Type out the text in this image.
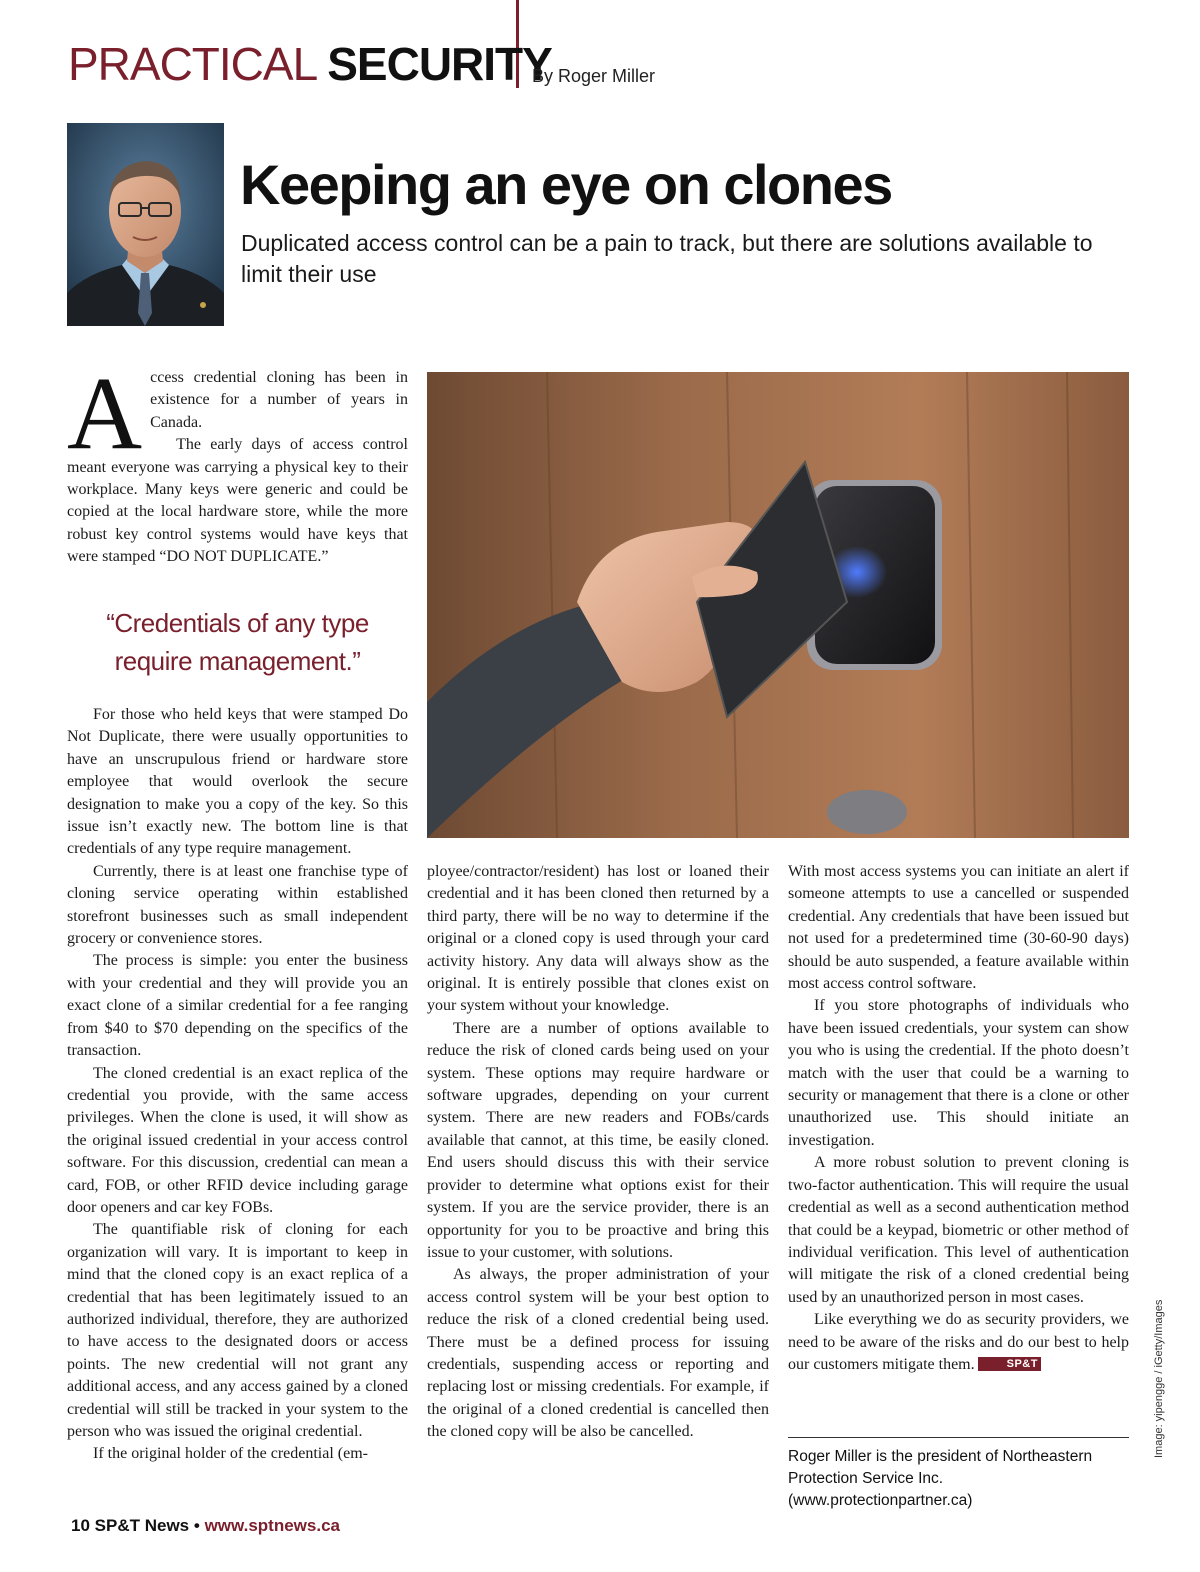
PRACTICAL SECURITY
By Roger Miller
Keeping an eye on clones
Duplicated access control can be a pain to track, but there are solutions available to limit their use

Access credential cloning has been in existence for a number of years in Canada.

The early days of access control meant everyone was carrying a physical key to their workplace. Many keys were generic and could be copied at the local hardware store, while the more robust key control systems would have keys that were stamped “DO NOT DUPLICATE.”

“Credentials of any type require management.”

For those who held keys that were stamped Do Not Duplicate, there were usually opportunities to have an unscrupulous friend or hardware store employee that would overlook the secure designation to make you a copy of the key. So this issue isn’t exactly new. The bottom line is that credentials of any type require management.

Currently, there is at least one franchise type of cloning service operating within established storefront businesses such as small independent grocery or convenience stores.

The process is simple: you enter the business with your credential and they will provide you an exact clone of a similar credential for a fee ranging from $40 to $70 depending on the specifics of the transaction.

The cloned credential is an exact replica of the credential you provide, with the same access privileges. When the clone is used, it will show as the original issued credential in your access control software. For this discussion, credential can mean a card, FOB, or other RFID device including garage door openers and car key FOBs.

The quantifiable risk of cloning for each organization will vary. It is important to keep in mind that the cloned copy is an exact replica of a credential that has been legitimately issued to an authorized individual, therefore, they are authorized to have access to the designated doors or access points. The new credential will not grant any additional access, and any access gained by a cloned credential will still be tracked in your system to the person who was issued the original credential.

If the original holder of the credential (em-

ployee/contractor/resident) has lost or loaned their credential and it has been cloned then returned by a third party, there will be no way to determine if the original or a cloned copy is used through your card activity history. Any data will always show as the original. It is entirely possible that clones exist on your system without your knowledge.

There are a number of options available to reduce the risk of cloned cards being used on your system. These options may require hardware or software upgrades, depending on your current system. There are new readers and FOBs/cards available that cannot, at this time, be easily cloned. End users should discuss this with their service provider to determine what options exist for their system. If you are the service provider, there is an opportunity for you to be proactive and bring this issue to your customer, with solutions.

As always, the proper administration of your access control system will be your best option to reduce the risk of a cloned credential being used. There must be a defined process for issuing credentials, suspending access or reporting and replacing lost or missing credentials. For example, if the original of a cloned credential is cancelled then the cloned copy will be also be cancelled.

With most access systems you can initiate an alert if someone attempts to use a cancelled or suspended credential. Any credentials that have been issued but not used for a predetermined time (30-60-90 days) should be auto suspended, a feature available within most access control software.

If you store photographs of individuals who have been issued credentials, your system can show you who is using the credential. If the photo doesn’t match with the user that could be a warning to security or management that there is a clone or other unauthorized use. This should initiate an investigation.

A more robust solution to prevent cloning is two-factor authentication. This will require the usual credential as well as a second authentication method that could be a keypad, biometric or other method of individual verification. This level of authentication will mitigate the risk of a cloned credential being used by an unauthorized person in most cases.

Like everything we do as security providers, we need to be aware of the risks and do our best to help our customers mitigate them.	SP&T

Roger Miller is the president of Northeastern Protection Service Inc. (www.protectionpartner.ca)
Image: yipengge / iGetty/Images
10 SP&T News • www.sptnews.ca
